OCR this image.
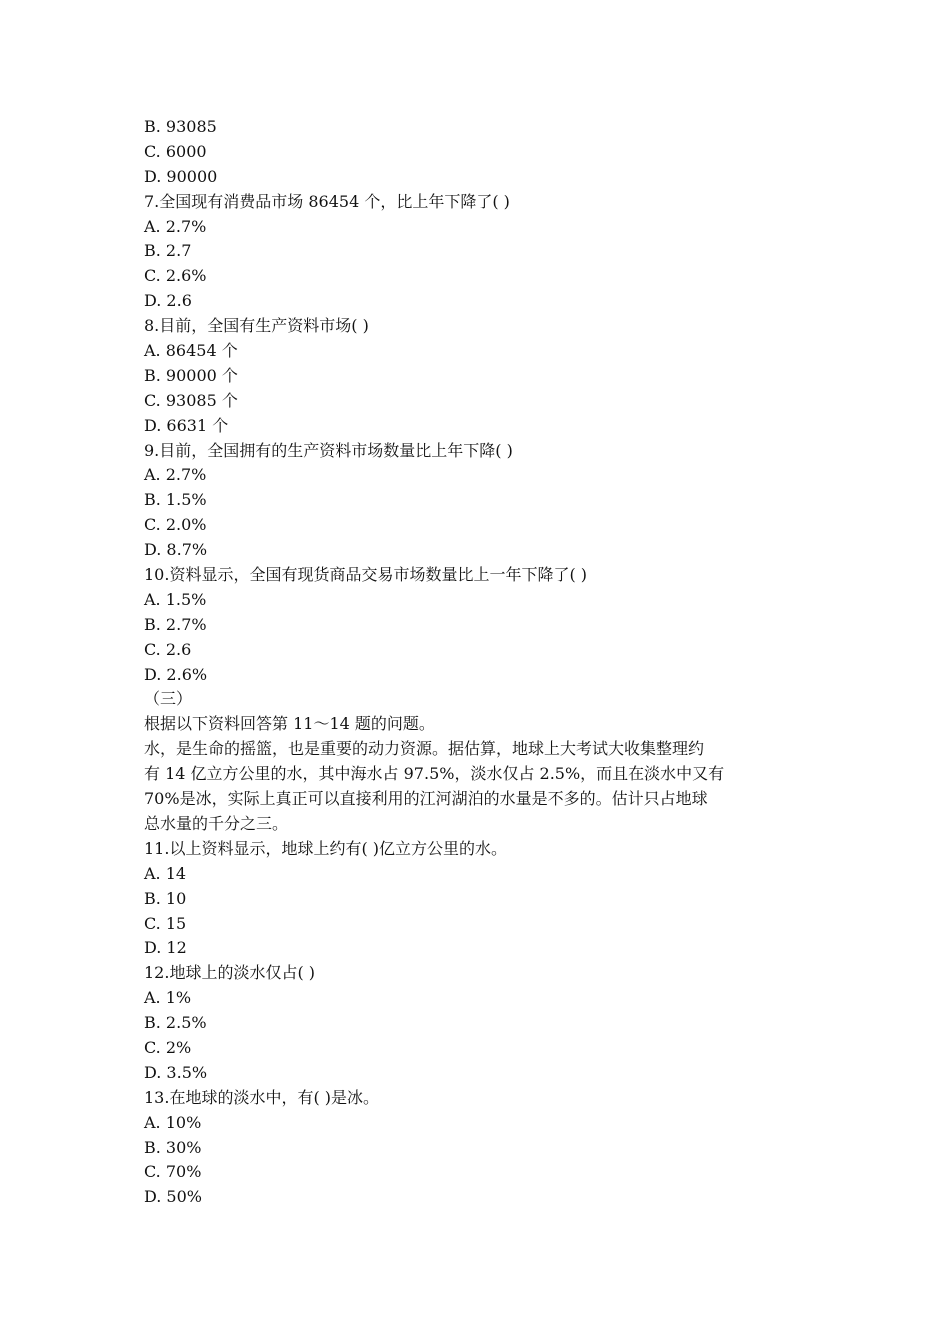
B. 93085
C. 6000
D. 90000
7.全国现有消费品市场 86454 个，比上年下降了( )
A. 2.7%
B. 2.7
C. 2.6%
D. 2.6
8.目前，全国有生产资料市场( )
A. 86454 个
B. 90000 个
C. 93085 个
D. 6631 个
9.目前，全国拥有的生产资料市场数量比上年下降( )
A. 2.7%
B. 1.5%
C. 2.0%
D. 8.7%
10.资料显示，全国有现货商品交易市场数量比上一年下降了( )
A. 1.5%
B. 2.7%
C. 2.6
D. 2.6%
（三）
根据以下资料回答第 11～14 题的问题。
水，是生命的摇篮，也是重要的动力资源。据估算，地球上大考试大收集整理约
有 14 亿立方公里的水，其中海水占 97.5%，淡水仅占 2.5%，而且在淡水中又有
70%是冰，实际上真正可以直接利用的江河湖泊的水量是不多的。估计只占地球
总水量的千分之三。
11.以上资料显示，地球上约有( )亿立方公里的水。
A. 14
B. 10
C. 15
D. 12
12.地球上的淡水仅占( )
A. 1%
B. 2.5%
C. 2%
D. 3.5%
13.在地球的淡水中，有( )是冰。
A. 10%
B. 30%
C. 70%
D. 50%
